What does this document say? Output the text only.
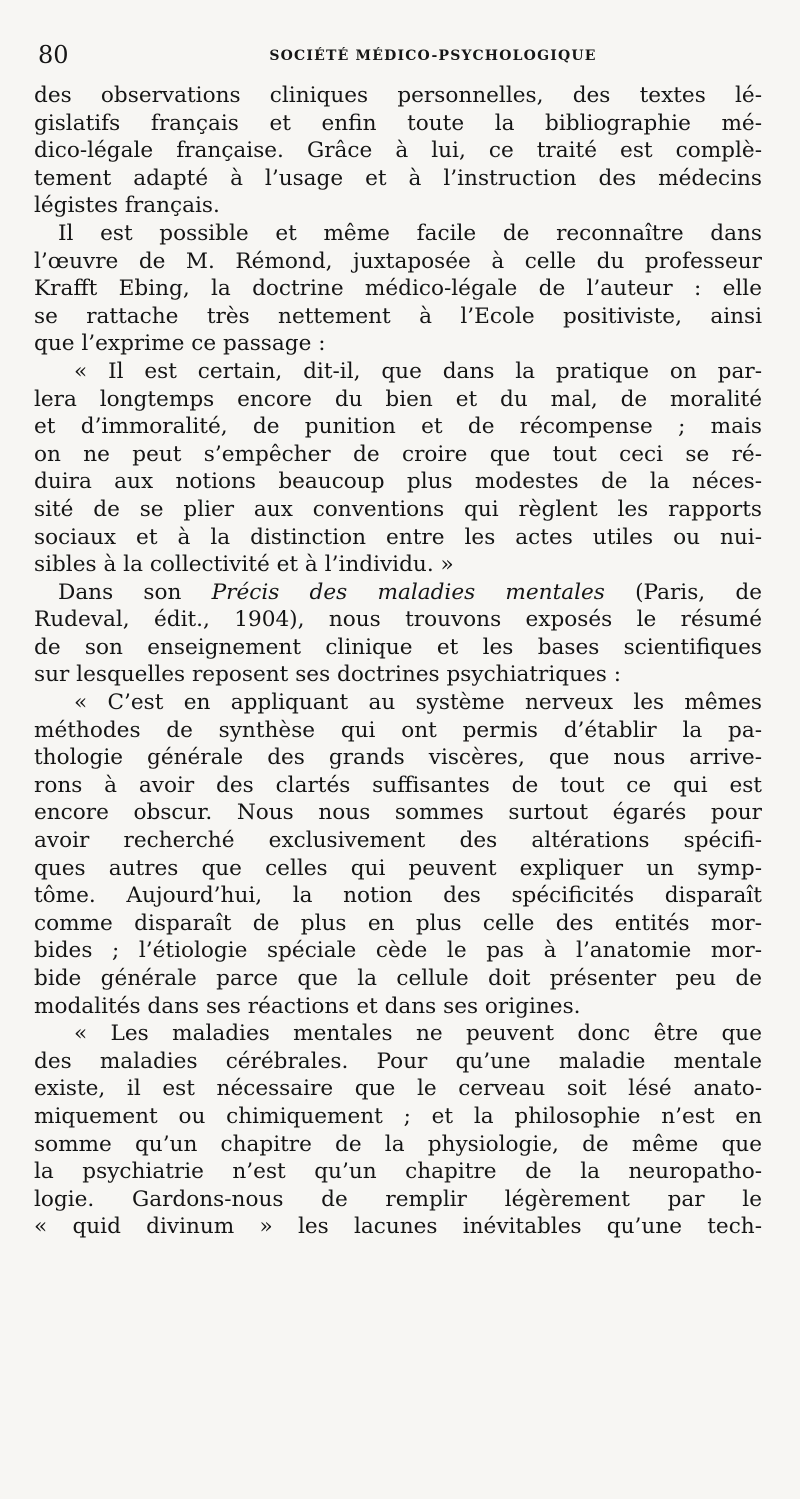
80	SOCIÉTÉ MÉDICO-PSYCHOLOGIQUE
des observations cliniques personnelles, des textes lé-
gislatifs français et enfin toute la bibliographie mé-
dico-légale française. Grâce à lui, ce traité est complè-
tement adapté à l’usage et à l’instruction des médecins
légistes français.
Il est possible et même facile de reconnaître dans
l’œuvre de M. Rémond, juxtaposée à celle du professeur
Krafft Ebing, la doctrine médico-légale de l’auteur : elle
se rattache très nettement à l’Ecole positiviste, ainsi
que l’exprime ce passage :
« Il est certain, dit-il, que dans la pratique on par-
lera longtemps encore du bien et du mal, de moralité
et d’immoralité, de punition et de récompense ; mais
on ne peut s’empêcher de croire que tout ceci se ré-
duira aux notions beaucoup plus modestes de la néces-
sité de se plier aux conventions qui règlent les rapports
sociaux et à la distinction entre les actes utiles ou nui-
sibles à la collectivité et à l’individu. »
Dans son Précis des maladies mentales (Paris, de
Rudeval, édit., 1904), nous trouvons exposés le résumé
de son enseignement clinique et les bases scientifiques
sur lesquelles reposent ses doctrines psychiatriques :
« C’est en appliquant au système nerveux les mêmes
méthodes de synthèse qui ont permis d’établir la pa-
thologie générale des grands viscères, que nous arrive-
rons à avoir des clartés suffisantes de tout ce qui est
encore obscur. Nous nous sommes surtout égarés pour
avoir recherché exclusivement des altérations spécifi-
ques autres que celles qui peuvent expliquer un symp-
tôme. Aujourd’hui, la notion des spécificités disparaît
comme disparaît de plus en plus celle des entités mor-
bides ; l’étiologie spéciale cède le pas à l’anatomie mor-
bide générale parce que la cellule doit présenter peu de
modalités dans ses réactions et dans ses origines.
« Les maladies mentales ne peuvent donc être que
des maladies cérébrales. Pour qu’une maladie mentale
existe, il est nécessaire que le cerveau soit lésé anato-
miquement ou chimiquement ; et la philosophie n’est en
somme qu’un chapitre de la physiologie, de même que
la psychiatrie n’est qu’un chapitre de la neuropatho-
logie. Gardons-nous de remplir légèrement par le
« quid divinum » les lacunes inévitables qu’une tech-
